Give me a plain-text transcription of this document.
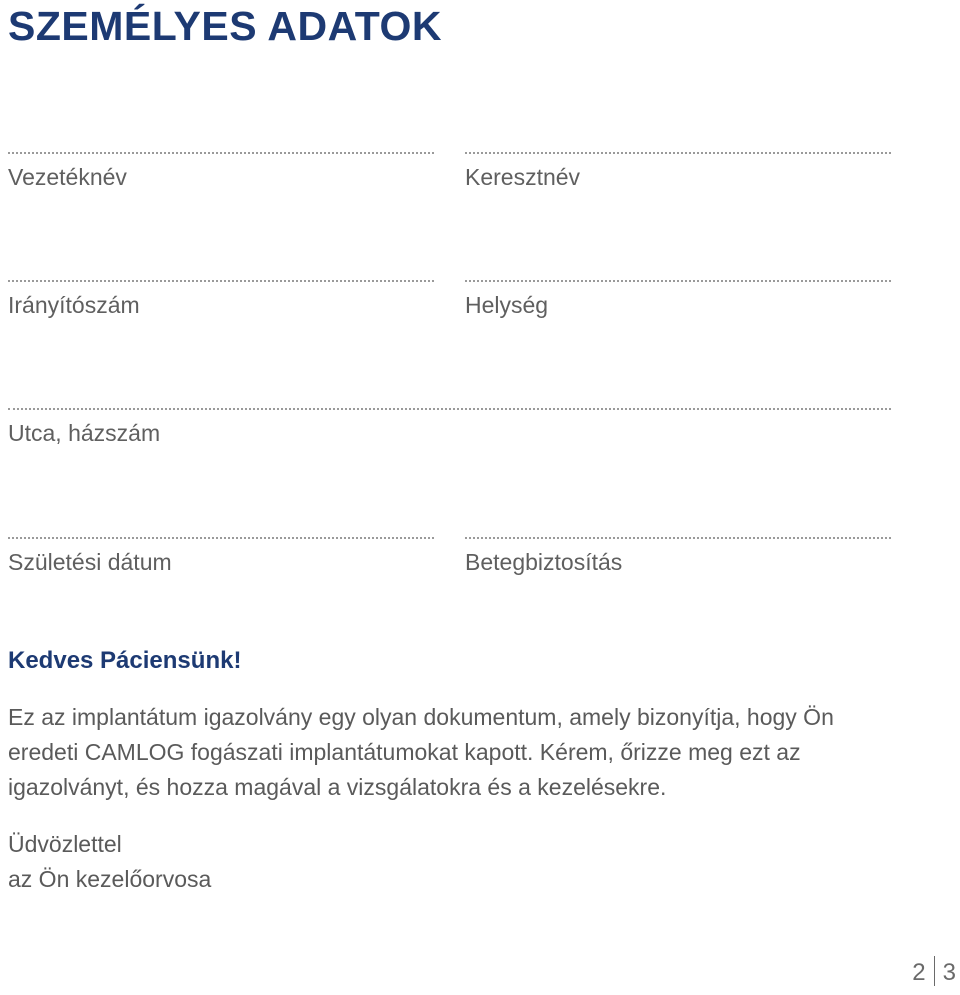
SZEMÉLYES ADATOK
Vezetéknév	Keresztnév
Irányítószám	Helység
Utca, házszám
Születési dátum	Betegbiztosítás

Kedves Páciensünk!

Ez az implantátum igazolvány egy olyan dokumentum, amely bizonyítja, hogy Ön eredeti CAMLOG fogászati implantátumokat kapott. Kérem, őrizze meg ezt az igazolványt, és hozza magával a vizsgálatokra és a kezelésekre.

Üdvözlettel
az Ön kezelőorvosa
2 3
